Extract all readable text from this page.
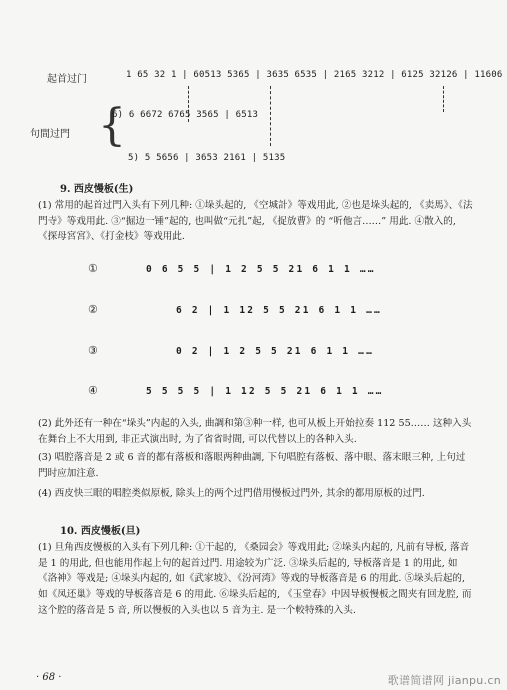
起首过门	1 65 32 1 | 60513 5365 | 3635 6535 | 2165 3212 | 6125 32126 | 11606
句間过門 {
6) 6 6672 6765 3565 | 6513
5) 5 5656 | 3653 2161 | 5135
9. 西皮慢板(生)
(1) 常用的起首过門入头有下列几种: ①垛头起的, 《空城計》等戏用此, ②也是垛头起的, 《卖馬》、《法門寺》等戏用此. ③“掘边一锤”起的, 也叫做“元扎”起, 《捉放曹》的 “听他言……” 用此. ④散入的, 《探母宮宮》、《打金枝》等戏用此.
①	0 6 5 5 | 1 2 5 5 21 6 1 1 ……
②	6 2 | 1 12 5 5 21 6 1 1 ……
③	0 2 | 1 2 5 5 21 6 1 1 ……
④	5 5 5 5 | 1 12 5 5 21 6 1 1 ……
(2) 此外还有一种在“垛头”内起的入头, 曲調和第③种一样, 也可从板上开始拉奏 112 55…… 这种入头在舞台上不大用到, 非正式演出时, 为了省省时間, 可以代替以上的各种入头.
(3) 唱腔落音是 2 或 6 音的都有落板和落眼两种曲調, 下句唱腔有落板、落中眼、落末眼三种, 上句过門时应加注意.
(4) 西皮快三眼的唱腔类似原板, 除头上的两个过門借用慢板过門外, 其余的都用原板的过門.
10. 西皮慢板(旦)
(1) 旦角西皮慢板的入头有下列几种: ①干起的, 《桑园会》等戏用此; ②垛头内起的, 凡前有导板, 落音是 1 的用此, 但也能用作起上句的起首过門. 用途较为广泛. ③垛头后起的, 导板落音是 1 的用此, 如《洛神》等戏是; ④垛头内起的, 如《武家坡》、《汾河湾》等戏的导板落音是 6 的用此. ⑤垛头后起的, 如《凤还巢》等戏的导板落音是 6 的用此. ⑥垛头后起的, 《玉堂春》中因导板慢板之間夹有回龙腔, 而这个腔的落音是 5 音, 所以慢板的入头也以 5 音为主. 是一个較特殊的入头.
· 68 ·	歌谱简谱网 jianpu.cn
